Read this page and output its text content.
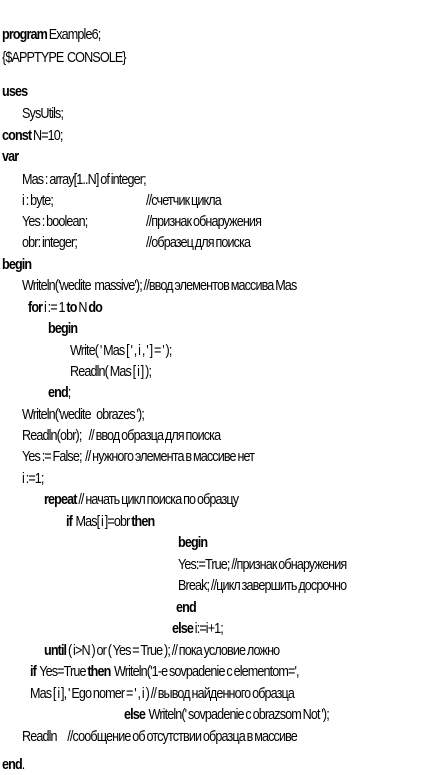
program Example6;
{$APPTYPE  CONSOLE}
uses
SysUtils;
const N=10;
var
Mas : array[1..N] of integer;
i : byte;
Yes : boolean;
obr: integer;
begin
Writeln('wedite  massive'); //ввод элементов массива Mas
for i := 1 to N do
begin
Write( ' Mas [ ' , i , ' ] = ' );
Readln( Mas [ i ] );
end;
Writeln('wedite   obrazes ');
Readln(obr);    // ввод образца для поиска
Yes := False;  // нужного элемента в массиве нет
i :=1;
repeat // начать цикл поиска по образцу
if  Mas[ i ]=obr then
begin
Yes:=True; //признак обнаружения
Break; //цикл завершить досрочно
end
else i:=i+1;
until ( i>N ) or ( Yes = True ); // пока условие ложно
if  Yes=True then  Writeln('1-e sovpadenie c elementom=',
Mas [ i ], ' Ego nomer = ' , i ) // вывод найденного образца
else  Writeln(' sovpadenie c obrazsom Not ');
Readln      //сообщение об отсутствии образца в массиве
end.
//счетчик цикла
//признак обнаружения
//образец для поиска
